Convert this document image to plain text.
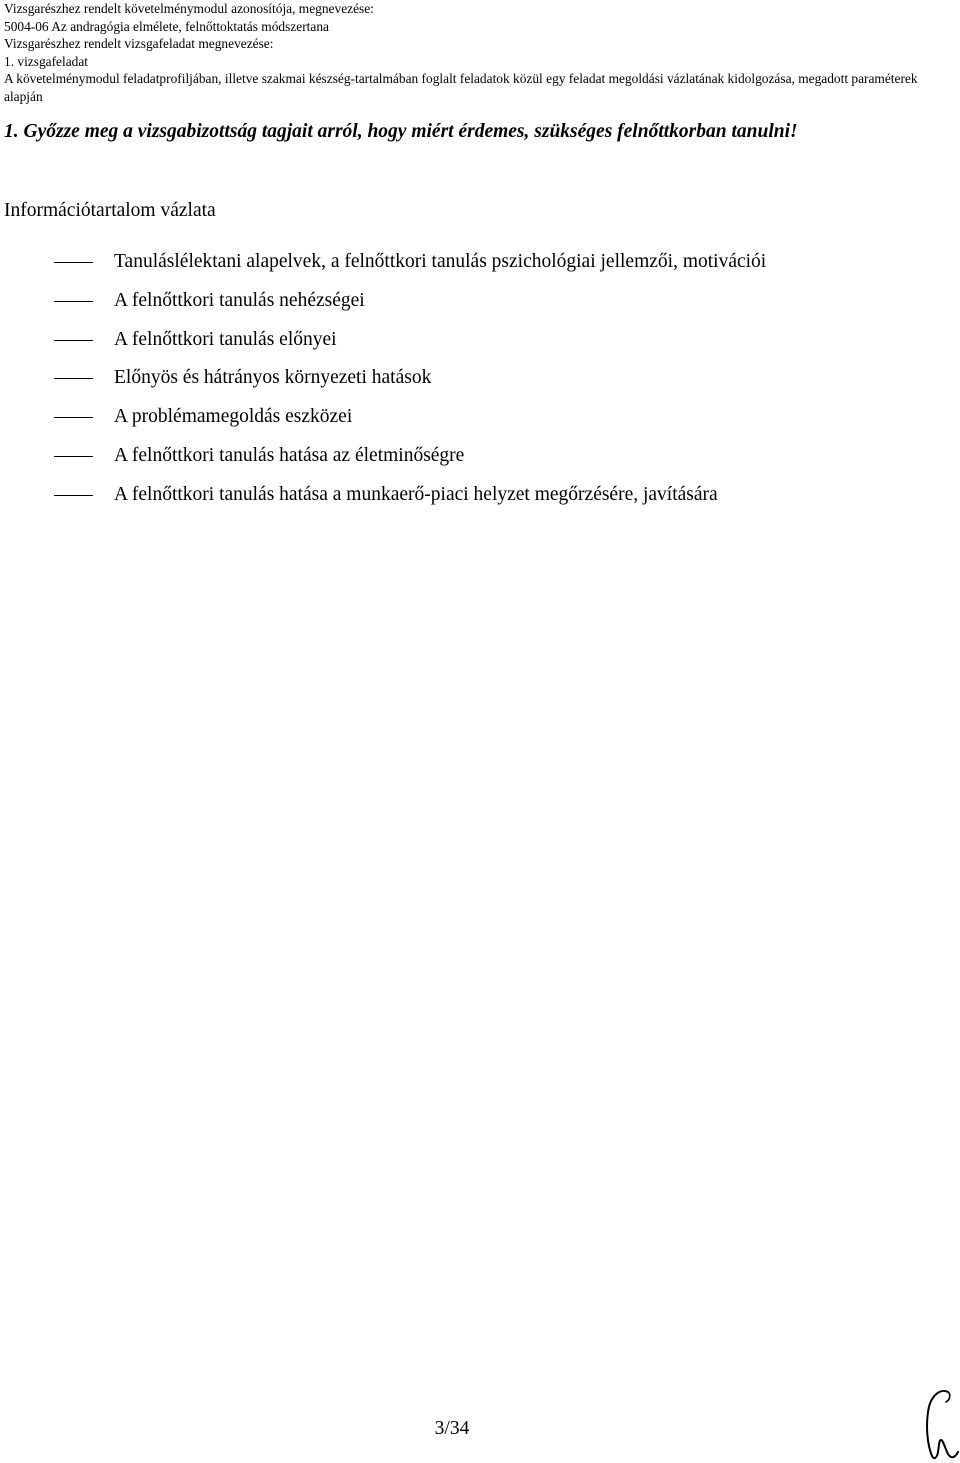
Vizsgarészhez rendelt követelménymodul azonosítója, megnevezése:
5004-06 Az andragógia elmélete, felnőttoktatás módszertana
Vizsgarészhez rendelt vizsgafeladat megnevezése:
1. vizsgafeladat
A követelménymodul feladatprofiljában, illetve szakmai készség-tartalmában foglalt feladatok közül egy feladat megoldási vázlatának kidolgozása, megadott paraméterek alapján
1. Győzze meg a vizsgabizottság tagjait arról, hogy miért érdemes, szükséges felnőttkorban tanulni!
Információtartalom vázlata
Tanuláslélektani alapelvek, a felnőttkori tanulás pszichológiai jellemzői, motivációi
A felnőttkori tanulás nehézségei
A felnőttkori tanulás előnyei
Előnyös és hátrányos környezeti hatások
A problémamegoldás eszközei
A felnőttkori tanulás hatása az életminőségre
A felnőttkori tanulás hatása a munkaerő-piaci helyzet megőrzésére, javítására
3/34
